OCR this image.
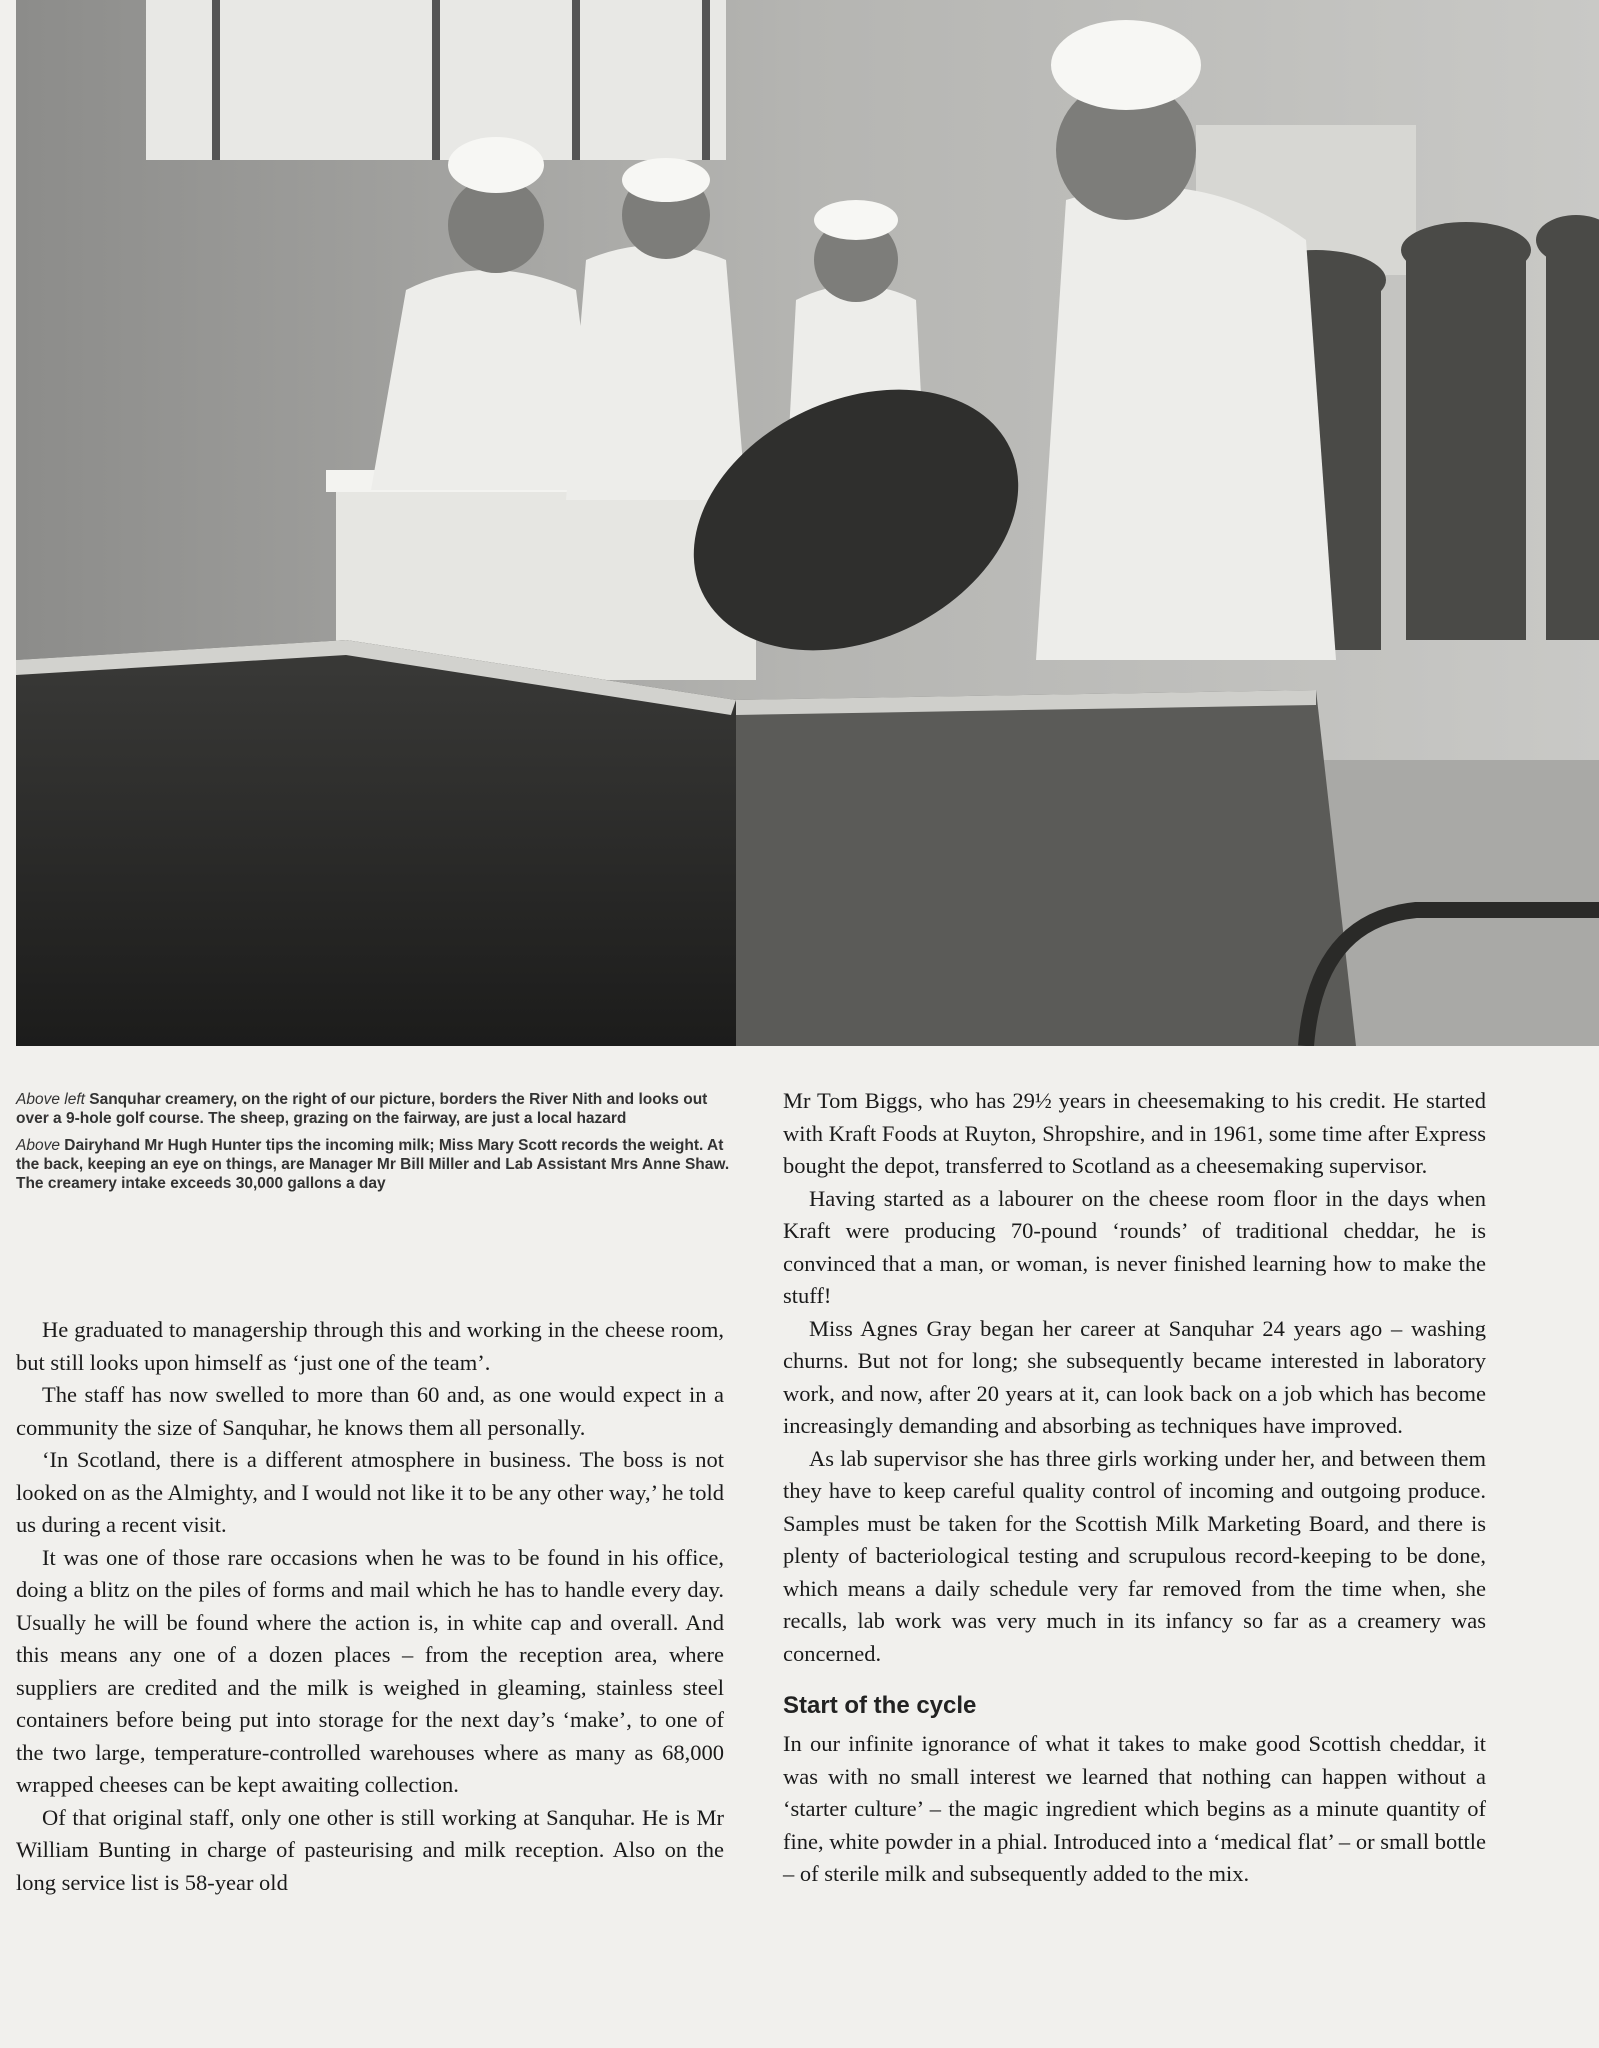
Above left Sanquhar creamery, on the right of our picture, borders the River Nith and looks out over a 9-hole golf course. The sheep, grazing on the fairway, are just a local hazard

Above Dairyhand Mr Hugh Hunter tips the incoming milk; Miss Mary Scott records the weight. At the back, keeping an eye on things, are Manager Mr Bill Miller and Lab Assistant Mrs Anne Shaw. The creamery intake exceeds 30,000 gallons a day

He graduated to managership through this and working in the cheese room, but still looks upon himself as ‘just one of the team’.

The staff has now swelled to more than 60 and, as one would expect in a community the size of Sanquhar, he knows them all personally.

‘In Scotland, there is a different atmosphere in business. The boss is not looked on as the Almighty, and I would not like it to be any other way,’ he told us during a recent visit.

It was one of those rare occasions when he was to be found in his office, doing a blitz on the piles of forms and mail which he has to handle every day. Usually he will be found where the action is, in white cap and overall. And this means any one of a dozen places – from the reception area, where suppliers are credited and the milk is weighed in gleaming, stainless steel containers before being put into storage for the next day’s ‘make’, to one of the two large, temperature-controlled warehouses where as many as 68,000 wrapped cheeses can be kept awaiting collection.

Of that original staff, only one other is still working at Sanquhar. He is Mr William Bunting in charge of pasteurising and milk reception. Also on the long service list is 58-year old

Mr Tom Biggs, who has 29½ years in cheesemaking to his credit. He started with Kraft Foods at Ruyton, Shropshire, and in 1961, some time after Express bought the depot, transferred to Scotland as a cheesemaking supervisor.

Having started as a labourer on the cheese room floor in the days when Kraft were producing 70-pound ‘rounds’ of traditional cheddar, he is convinced that a man, or woman, is never finished learning how to make the stuff!

Miss Agnes Gray began her career at Sanquhar 24 years ago – washing churns. But not for long; she subsequently became interested in laboratory work, and now, after 20 years at it, can look back on a job which has become increasingly demanding and absorbing as techniques have improved.

As lab supervisor she has three girls working under her, and between them they have to keep careful quality control of incoming and outgoing produce. Samples must be taken for the Scottish Milk Marketing Board, and there is plenty of bacteriological testing and scrupulous record-keeping to be done, which means a daily schedule very far removed from the time when, she recalls, lab work was very much in its infancy so far as a creamery was concerned.

Start of the cycle

In our infinite ignorance of what it takes to make good Scottish cheddar, it was with no small interest we learned that nothing can happen without a ‘starter culture’ – the magic ingredient which begins as a minute quantity of fine, white powder in a phial. Introduced into a ‘medical flat’ – or small bottle – of sterile milk and subsequently added to the mix.
